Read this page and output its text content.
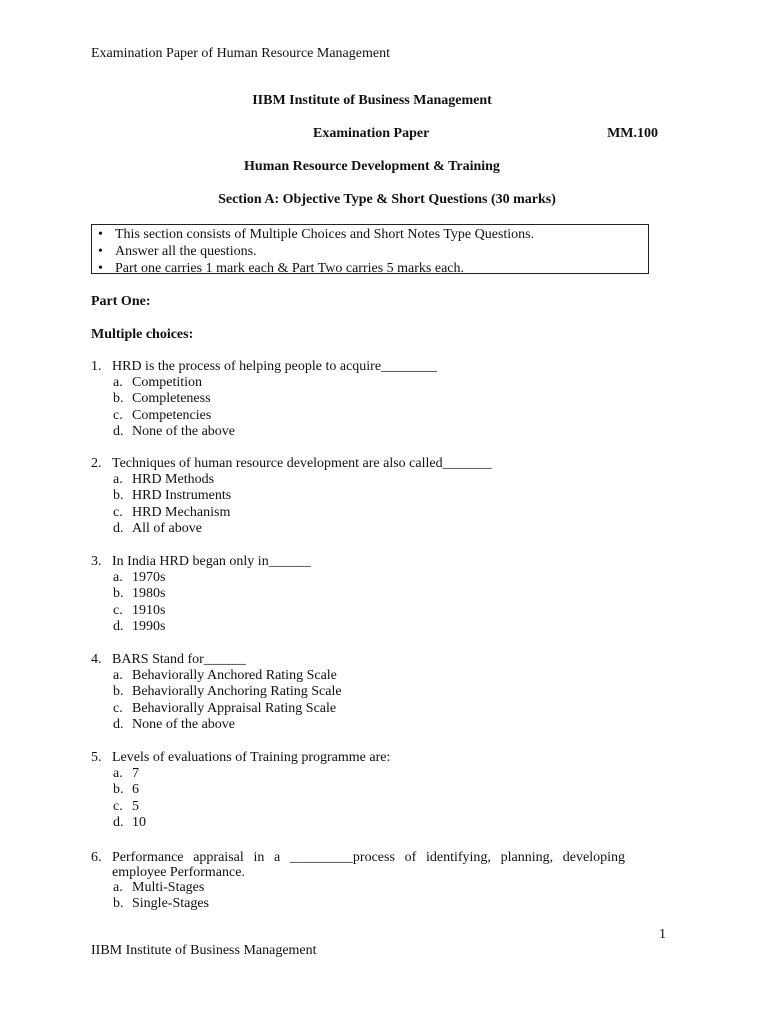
Examination Paper of Human Resource Management
IIBM Institute of Business Management
Examination Paper	MM.100
Human Resource Development & Training
Section A: Objective Type & Short Questions (30 marks)
• This section consists of Multiple Choices and Short Notes Type Questions.
• Answer all the questions.
• Part one carries 1 mark each & Part Two carries 5 marks each.
Part One:
Multiple choices:
1. HRD is the process of helping people to acquire________
a. Competition
b. Completeness
c. Competencies
d. None of the above
2. Techniques of human resource development are also called_______
a. HRD Methods
b. HRD Instruments
c. HRD Mechanism
d. All of above
3. In India HRD began only in______
a. 1970s
b. 1980s
c. 1910s
d. 1990s
4. BARS Stand for______
a. Behaviorally Anchored Rating Scale
b. Behaviorally Anchoring Rating Scale
c. Behaviorally Appraisal Rating Scale
d. None of the above
5. Levels of evaluations of Training programme are:
a. 7
b. 6
c. 5
d. 10
6. Performance appraisal in a _________process of identifying, planning, developing employee Performance.
a. Multi-Stages
b. Single-Stages
1
IIBM Institute of Business Management
